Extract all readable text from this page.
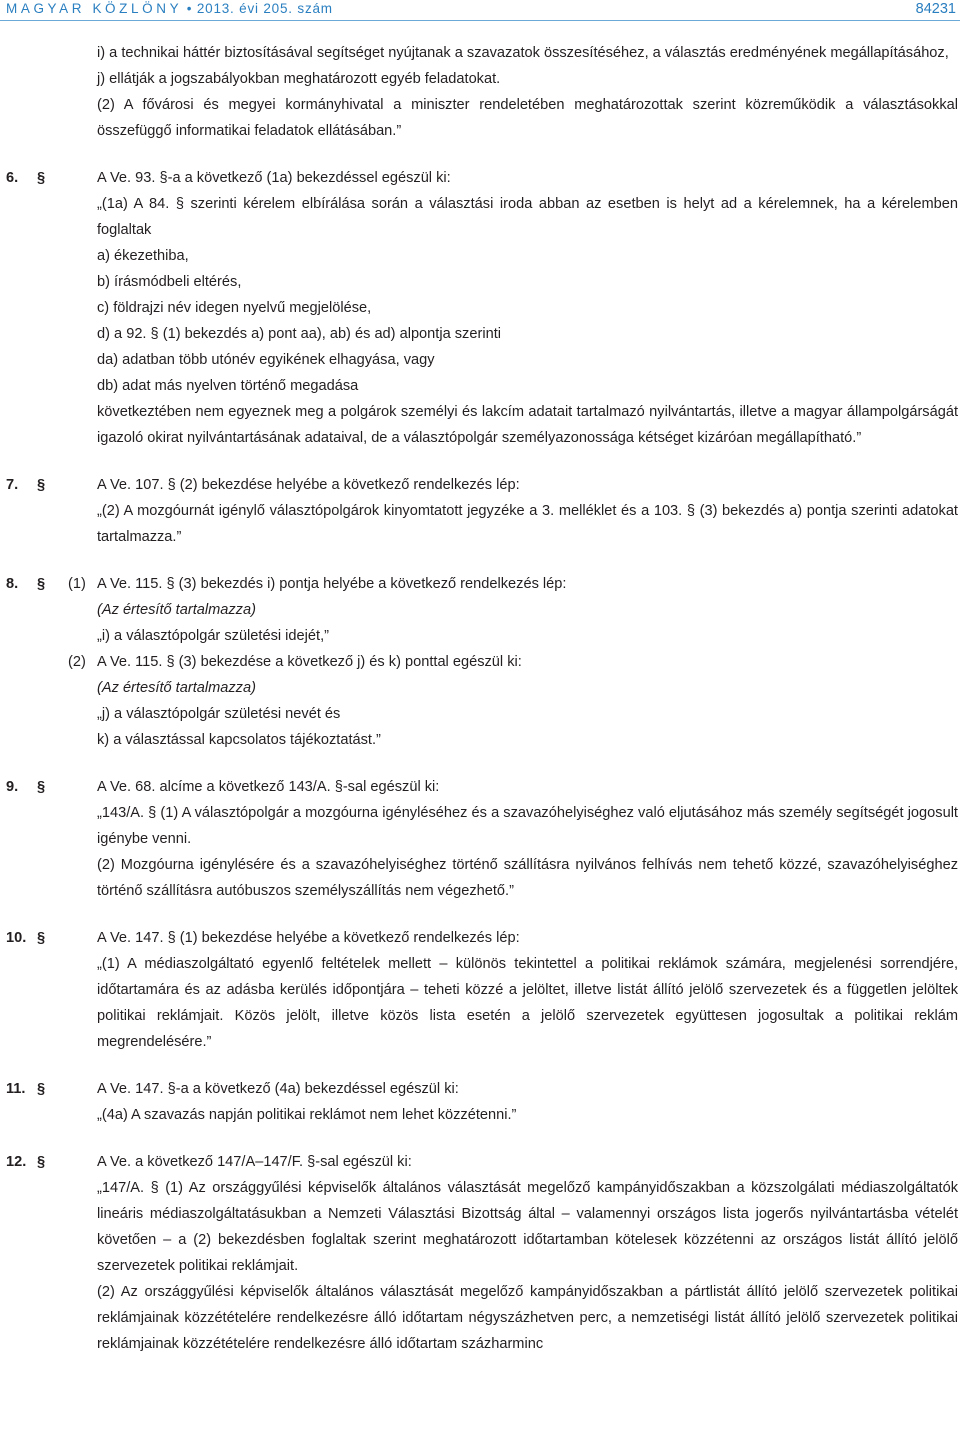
MAGYAR KÖZLÖNY • 2013. évi 205. szám	84231
i) a technikai háttér biztosításával segítséget nyújtanak a szavazatok összesítéséhez, a választás eredményének megállapításához,
j) ellátják a jogszabályokban meghatározott egyéb feladatokat.
(2) A fővárosi és megyei kormányhivatal a miniszter rendeletében meghatározottak szerint közreműködik a választásokkal összefüggő informatikai feladatok ellátásában.”
6. §	A Ve. 93. §-a a következő (1a) bekezdéssel egészül ki:
„(1a) A 84. § szerinti kérelem elbírálása során a választási iroda abban az esetben is helyt ad a kérelemnek, ha a kérelemben foglaltak
a) ékezethiba,
b) írásmódbeli eltérés,
c) földrajzi név idegen nyelvű megjelölése,
d) a 92. § (1) bekezdés a) pont aa), ab) és ad) alpontja szerinti
da) adatban több utónév egyikének elhagyása, vagy
db) adat más nyelven történő megadása
következtében nem egyeznek meg a polgárok személyi és lakcím adatait tartalmazó nyilvántartás, illetve a magyar állampolgárságát igazoló okirat nyilvántartásának adataival, de a választópolgár személyazonossága kétséget kizáróan megállapítható.”
7. §	A Ve. 107. § (2) bekezdése helyébe a következő rendelkezés lép:
„(2) A mozgóurnát igénylő választópolgárok kinyomtatott jegyzéke a 3. melléklet és a 103. § (3) bekezdés a) pontja szerinti adatokat tartalmazza.”
8. § (1) A Ve. 115. § (3) bekezdés i) pontja helyébe a következő rendelkezés lép:
(Az értesítő tartalmazza)
„i) a választópolgár születési idejét,”
(2) A Ve. 115. § (3) bekezdése a következő j) és k) ponttal egészül ki:
(Az értesítő tartalmazza)
„j) a választópolgár születési nevét és
k) a választással kapcsolatos tájékoztatást.”
9. §	A Ve. 68. alcíme a következő 143/A. §-sal egészül ki:
„143/A. § (1) A választópolgár a mozgóurna igényléséhez és a szavazóhelyiséghez való eljutásához más személy segítségét jogosult igénybe venni.
(2) Mozgóurna igénylésére és a szavazóhelyiséghez történő szállításra nyilvános felhívás nem tehető közzé, szavazóhelyiséghez történő szállításra autóbuszos személyszállítás nem végezhető.”
10. §	A Ve. 147. § (1) bekezdése helyébe a következő rendelkezés lép:
„(1) A médiaszolgáltató egyenlő feltételek mellett – különös tekintettel a politikai reklámok számára, megjelenési sorrendjére, időtartamára és az adásba kerülés időpontjára – teheti közzé a jelöltet, illetve listát állító jelölő szervezetek és a független jelöltek politikai reklámjait. Közös jelölt, illetve közös lista esetén a jelölő szervezetek együttesen jogosultak a politikai reklám megrendelésére.”
11. §	A Ve. 147. §-a a következő (4a) bekezdéssel egészül ki:
„(4a) A szavazás napján politikai reklámot nem lehet közzétenni.”
12. §	A Ve. a következő 147/A–147/F. §-sal egészül ki:
„147/A. § (1) Az országgyűlési képviselők általános választását megelőző kampányidőszakban a közszolgálati médiaszolgáltatók lineáris médiaszolgáltatásukban a Nemzeti Választási Bizottság által – valamennyi országos lista jogerős nyilvántartásba vételét követően – a (2) bekezdésben foglaltak szerint meghatározott időtartamban kötelesek közzétenni az országos listát állító jelölő szervezetek politikai reklámjait.
(2) Az országgyűlési képviselők általános választását megelőző kampányidőszakban a pártlistát állító jelölő szervezetek politikai reklámjainak közzétételére rendelkezésre álló időtartam négyszázhetven perc, a nemzetiségi listát állító jelölő szervezetek politikai reklámjainak közzétételére rendelkezésre álló időtartam százharminc
